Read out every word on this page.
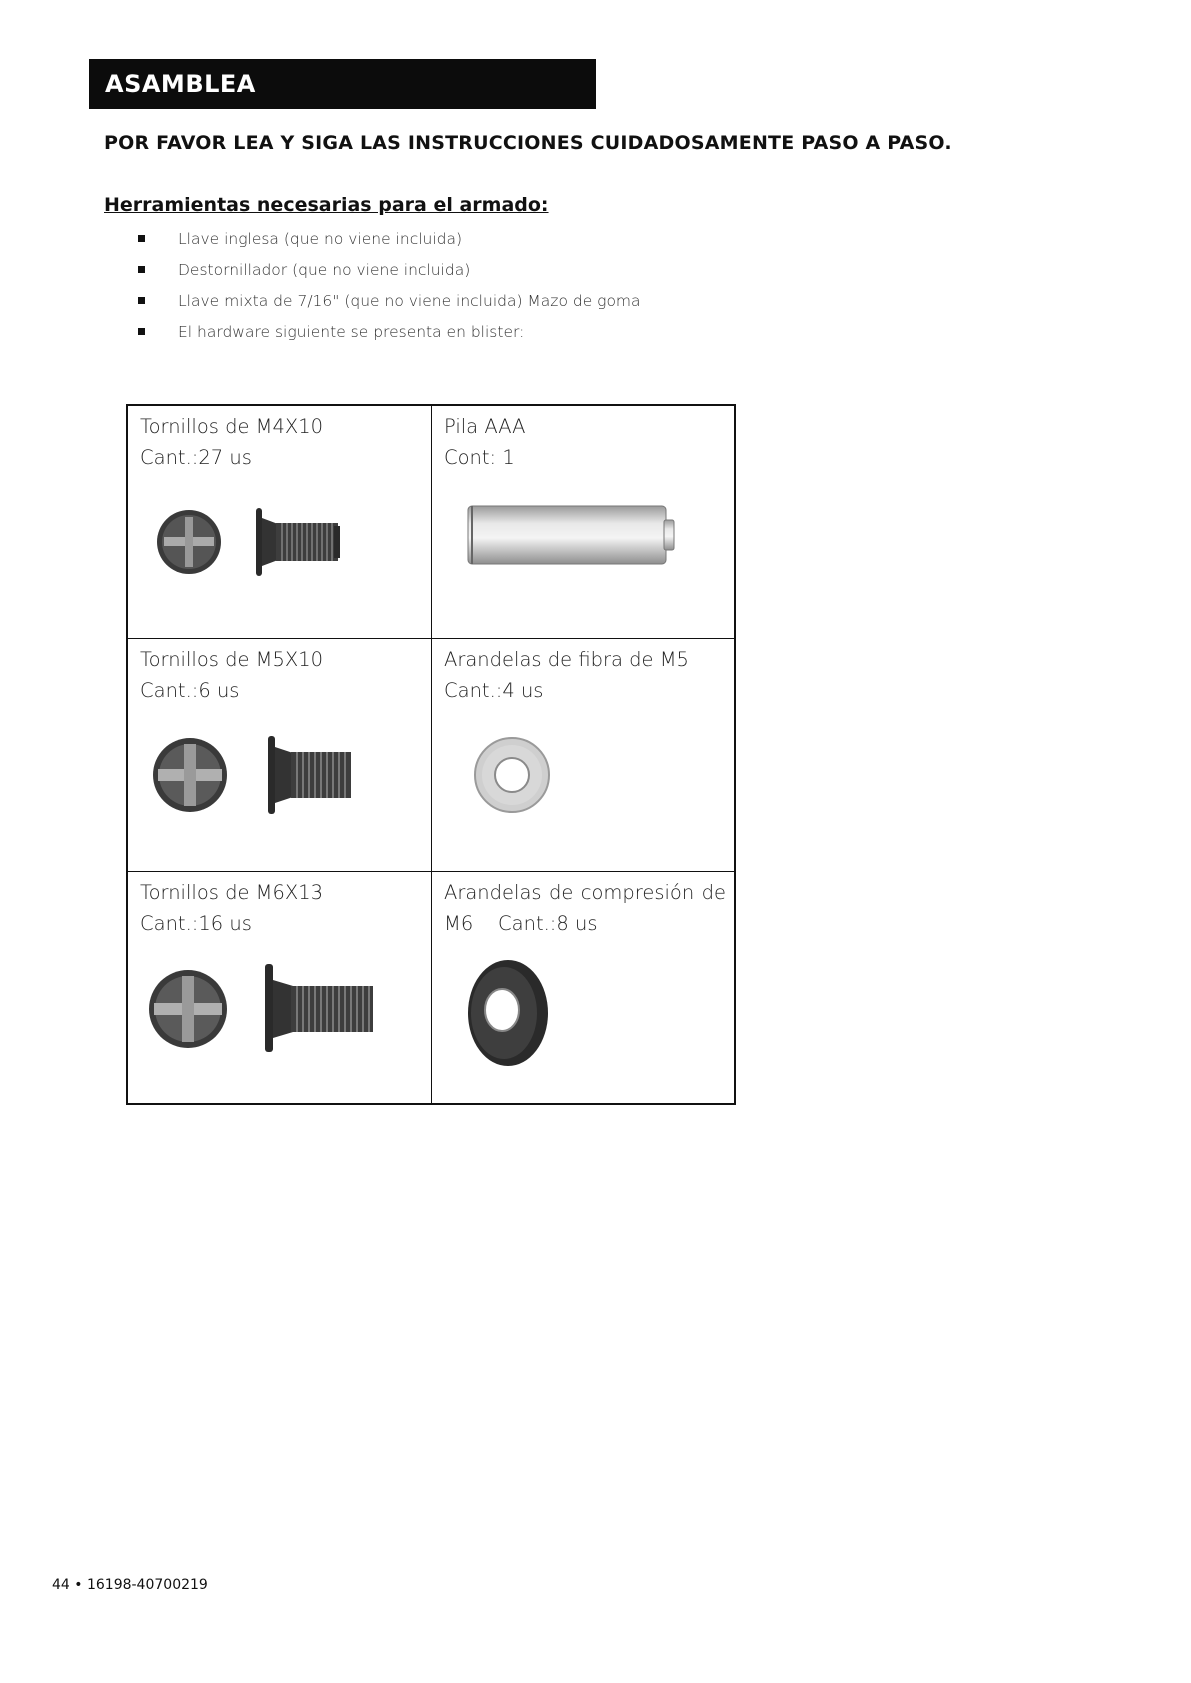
ASAMBLEA
POR FAVOR LEA Y SIGA LAS INSTRUCCIONES CUIDADOSAMENTE PASO A PASO.
Herramientas necesarias para el armado:
Llave inglesa (que no viene incluida)
Destornillador (que no viene incluida)
Llave mixta de 7/16" (que no viene incluida) Mazo de goma
El hardware siguiente se presenta en blister:
Tornillos de M4X10
Cant.:27 us
Pila AAA
Cont: 1
Tornillos de M5X10
Cant.:6 us
Arandelas de fibra de M5
Cant.:4 us
Tornillos de M6X13
Cant.:16 us
Arandelas de compresión de
M6    Cant.:8 us
44 • 16198-40700219
